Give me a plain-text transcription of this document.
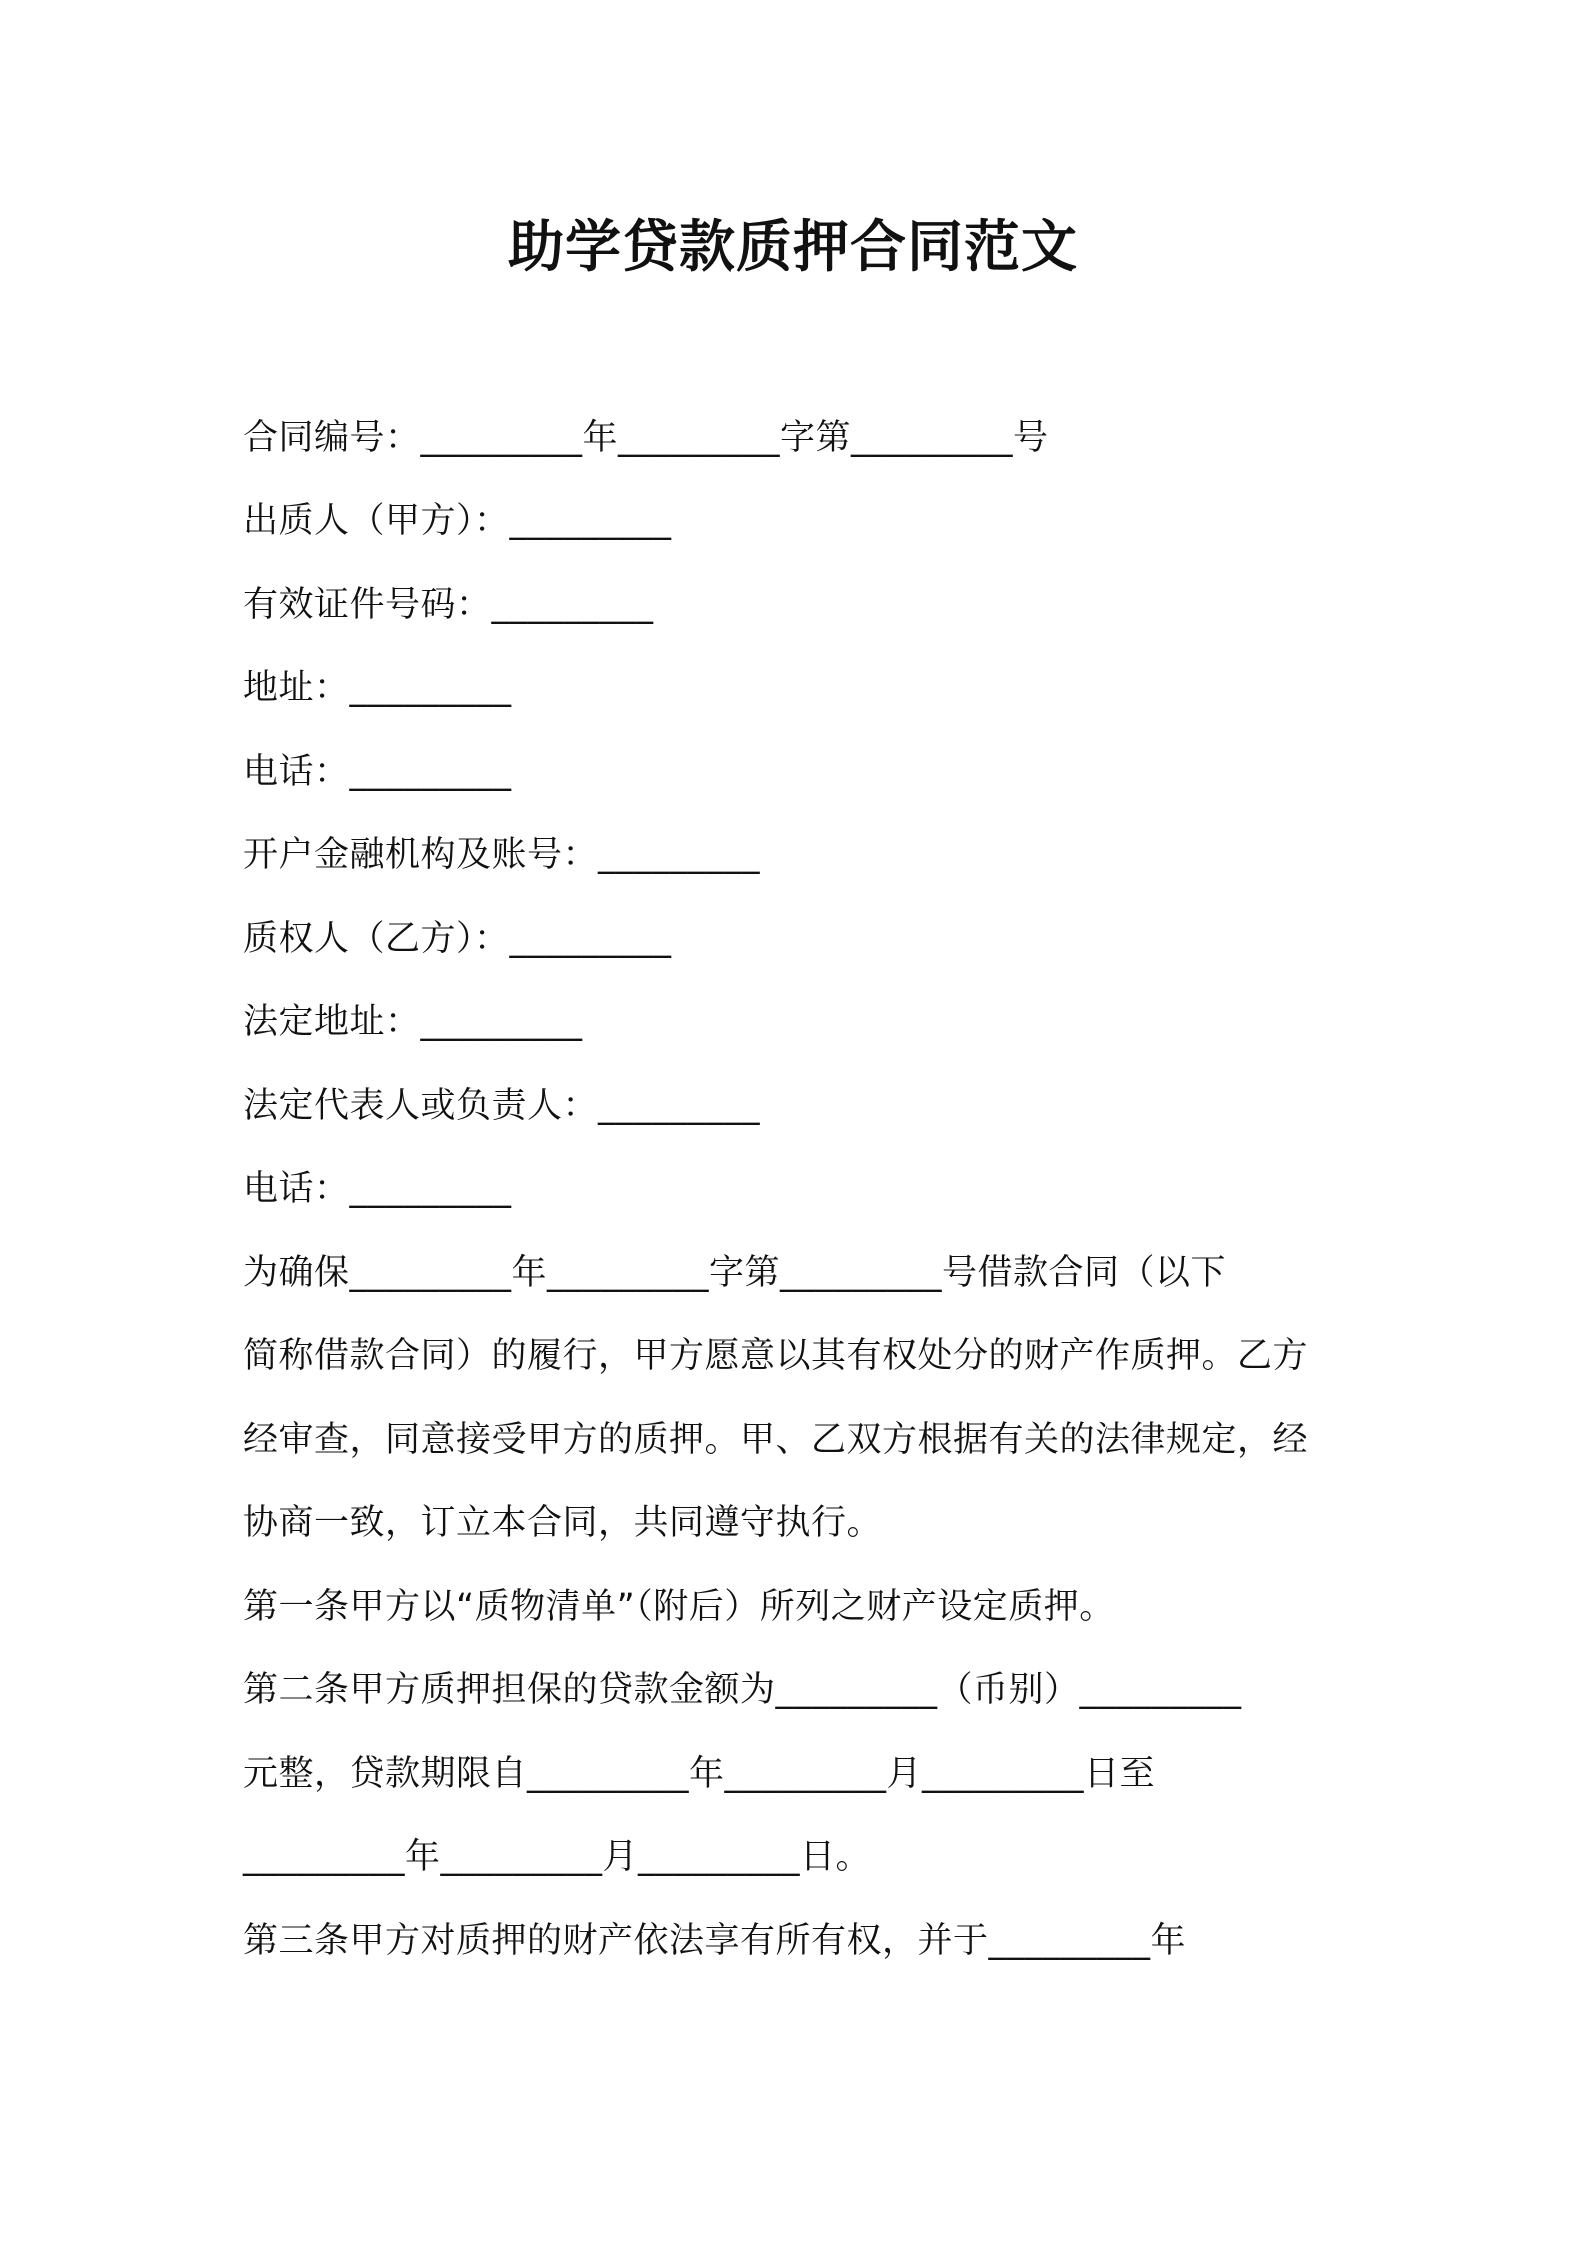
助学贷款质押合同范文
合同编号：_________年_________字第_________号
出质人（甲方）：_________
有效证件号码：_________
地址：_________
电话：_________
开户金融机构及账号：_________
质权人（乙方）：_________
法定地址：_________
法定代表人或负责人：_________
电话：_________
为确保_________年_________字第_________号借款合同（以下
简称借款合同）的履行，甲方愿意以其有权处分的财产作质押。乙方
经审查，同意接受甲方的质押。甲、乙双方根据有关的法律规定，经
协商一致，订立本合同，共同遵守执行。
第一条甲方以“质物清单”（附后）所列之财产设定质押。
第二条甲方质押担保的贷款金额为_________（币别）_________
元整，贷款期限自_________年_________月_________日至
_________年_________月_________日。
第三条甲方对质押的财产依法享有所有权，并于_________年
